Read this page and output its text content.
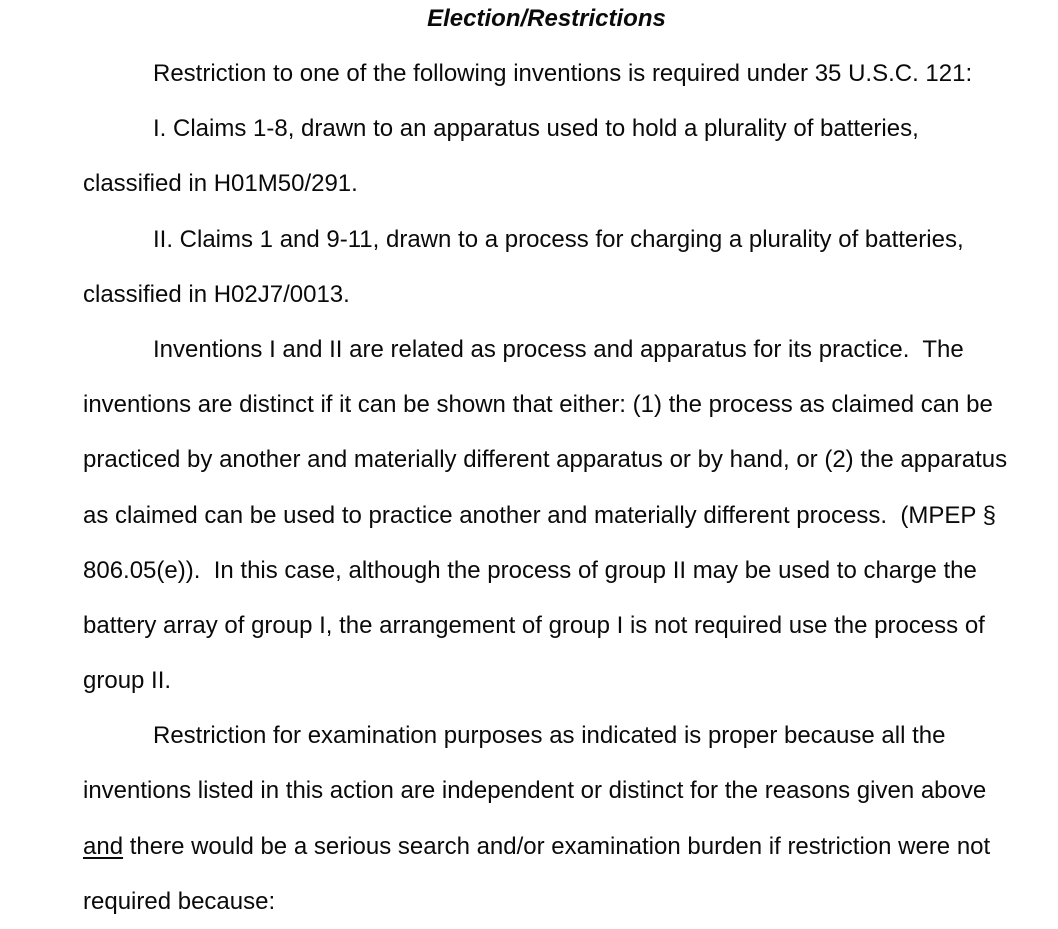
Election/Restrictions
Restriction to one of the following inventions is required under 35 U.S.C. 121:
I. Claims 1-8, drawn to an apparatus used to hold a plurality of batteries,
classified in H01M50/291.
II. Claims 1 and 9-11, drawn to a process for charging a plurality of batteries,
classified in H02J7/0013.
Inventions I and II are related as process and apparatus for its practice.  The
inventions are distinct if it can be shown that either: (1) the process as claimed can be
practiced by another and materially different apparatus or by hand, or (2) the apparatus
as claimed can be used to practice another and materially different process.  (MPEP §
806.05(e)).  In this case, although the process of group II may be used to charge the
battery array of group I, the arrangement of group I is not required use the process of
group II.
Restriction for examination purposes as indicated is proper because all the
inventions listed in this action are independent or distinct for the reasons given above
and there would be a serious search and/or examination burden if restriction were not
required because:
